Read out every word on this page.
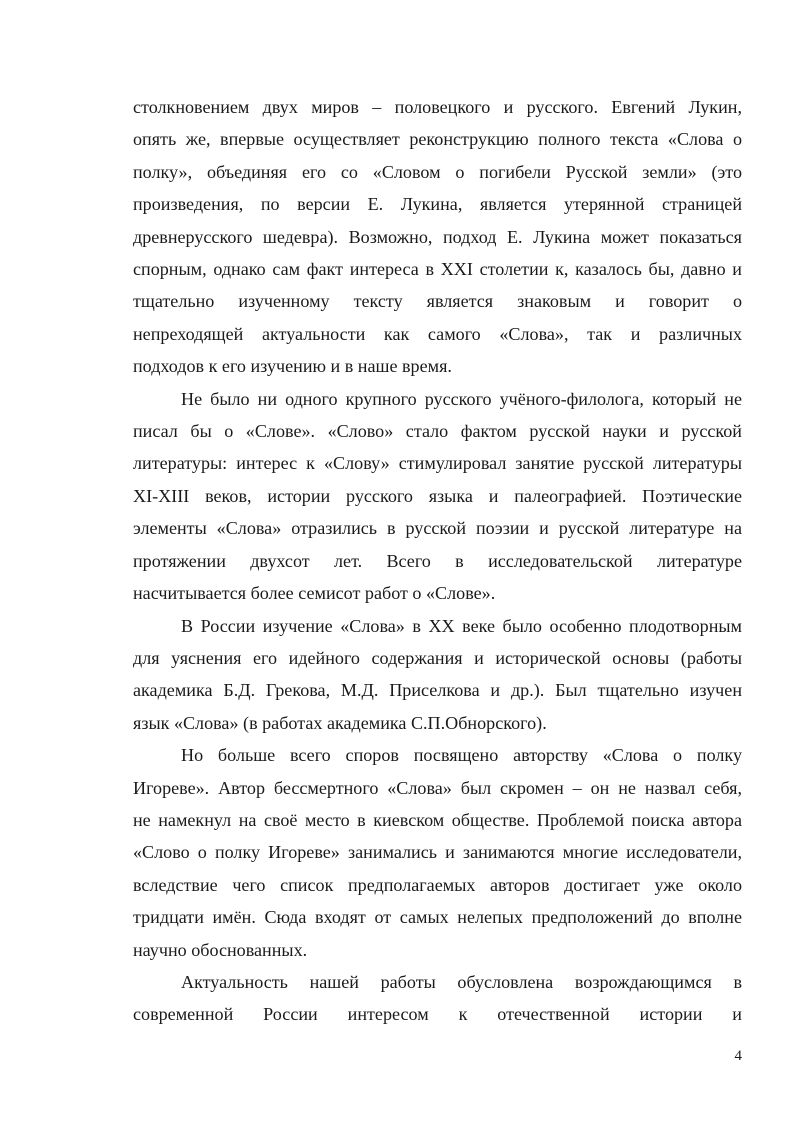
столкновением двух миров – половецкого и русского. Евгений Лукин,
опять же, впервые осуществляет реконструкцию полного текста «Слова о
полку», объединяя его со «Словом о погибели Русской земли» (это
произведения, по версии Е. Лукина, является утерянной страницей
древнерусского шедевра). Возможно, подход Е. Лукина может показаться
спорным, однако сам факт интереса в XXI столетии к, казалось бы, давно и
тщательно изученному тексту является знаковым и говорит о
непреходящей актуальности как самого «Слова», так и различных
подходов к его изучению и в наше время.

Не было ни одного крупного русского учёного-филолога, который не
писал бы о «Слове». «Слово» стало фактом русской науки и русской
литературы: интерес к «Слову» стимулировал занятие русской литературы
XI-XIII веков, истории русского языка и палеографией. Поэтические
элементы «Слова» отразились в русской поэзии и русской литературе на
протяжении двухсот лет. Всего в исследовательской литературе
насчитывается более семисот работ о «Слове».

В России изучение «Слова» в XX веке было особенно плодотворным
для уяснения его идейного содержания и исторической основы (работы
академика Б.Д. Грекова, М.Д. Приселкова и др.). Был тщательно изучен
язык «Слова» (в работах академика С.П.Обнорского).

Но больше всего споров посвящено авторству «Слова о полку
Игореве». Автор бессмертного «Слова» был скромен – он не назвал себя,
не намекнул на своё место в киевском обществе. Проблемой поиска автора
«Слово о полку Игореве» занимались и занимаются многие исследователи,
вследствие чего список предполагаемых авторов достигает уже около
тридцати имён. Сюда входят от самых нелепых предположений до вполне
научно обоснованных.

Актуальность нашей работы обусловлена возрождающимся в
современной России интересом к отечественной истории и

4
